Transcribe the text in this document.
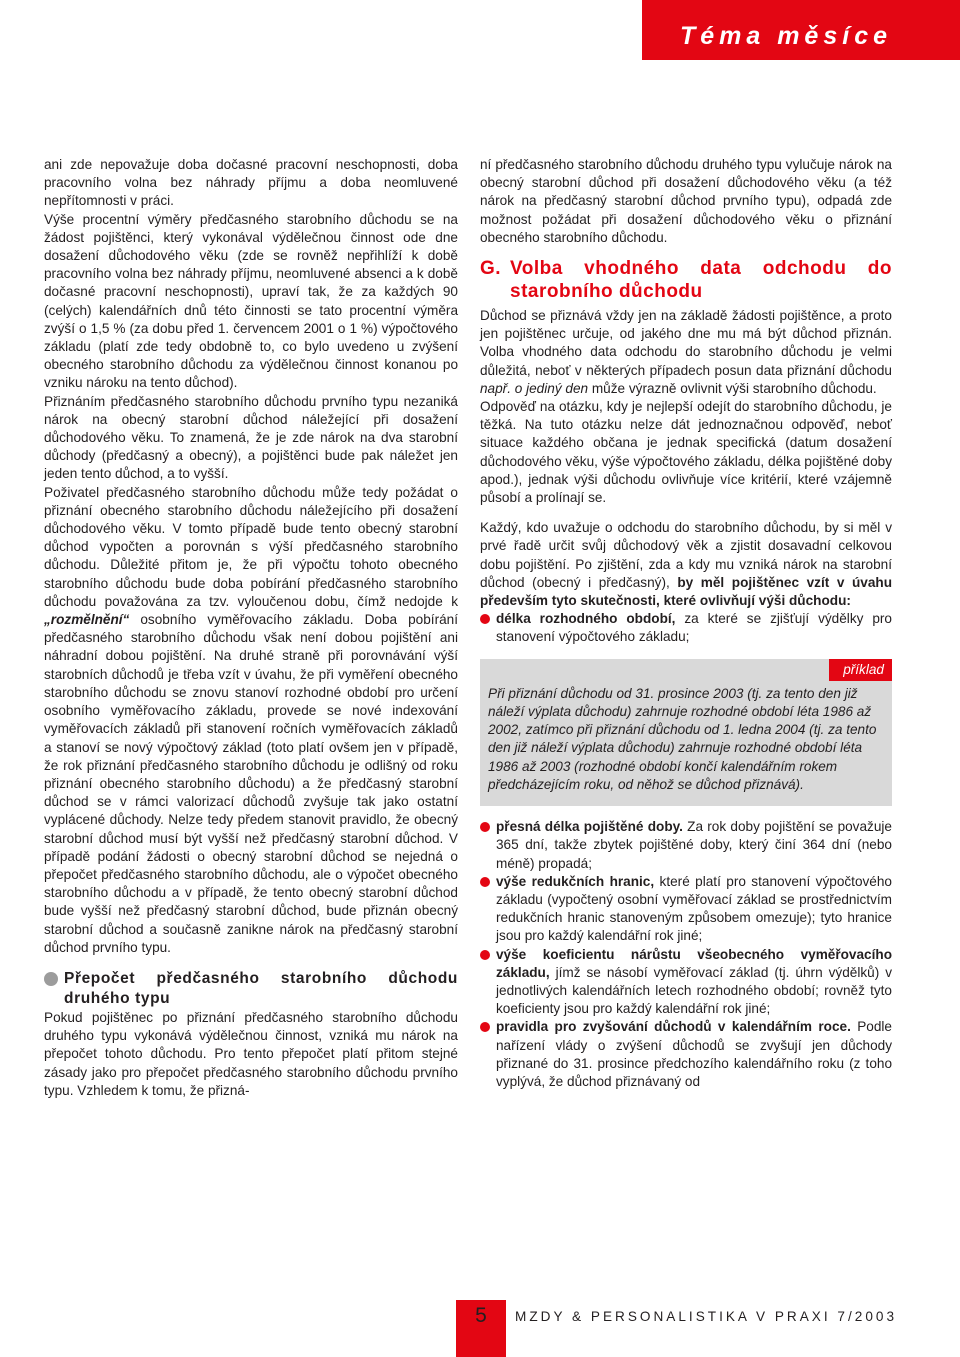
Téma měsíce

ani zde nepovažuje doba dočasné pracovní neschopnosti, doba pracovního volna bez náhrady příjmu a doba neomluvené nepřítomnosti v práci.

Výše procentní výměry předčasného starobního důchodu se na žádost pojištěnci, který vykonával výdělečnou činnost ode dne dosažení důchodového věku (zde se rovněž nepřihlíží k době pracovního volna bez náhrady příjmu, neomluvené absenci a k době dočasné pracovní neschopnosti), upraví tak, že za každých 90 (celých) kalendářních dnů této činnosti se tato procentní výměra zvýší o 1,5 % (za dobu před 1. červencem 2001 o 1 %) výpočtového základu (platí zde tedy obdobně to, co bylo uvedeno u zvýšení obecného starobního důchodu za výdělečnou činnost konanou po vzniku nároku na tento důchod).

Přiznáním předčasného starobního důchodu prvního typu nezaniká nárok na obecný starobní důchod náležející při dosažení důchodového věku. To znamená, že je zde nárok na dva starobní důchody (předčasný a obecný), a pojištěnci bude pak náležet jen jeden tento důchod, a to vyšší.

Poživatel předčasného starobního důchodu může tedy požádat o přiznání obecného starobního důchodu náležejícího při dosažení důchodového věku. V tomto případě bude tento obecný starobní důchod vypočten a porovnán s výší předčasného starobního důchodu. Důležité přitom je, že při výpočtu tohoto obecného starobního důchodu bude doba pobírání předčasného starobního důchodu považována za tzv. vyloučenou dobu, čímž nedojde k „rozmělnění“ osobního vyměřovacího základu. Doba pobírání předčasného starobního důchodu však není dobou pojištění ani náhradní dobou pojištění. Na druhé straně při porovnávání výší starobních důchodů je třeba vzít v úvahu, že při vyměření obecného starobního důchodu se znovu stanoví rozhodné období pro určení osobního vyměřovacího základu, provede se nové indexování vyměřovacích základů při stanovení ročních vyměřovacích základů a stanoví se nový výpočtový základ (toto platí ovšem jen v případě, že rok přiznání předčasného starobního důchodu je odlišný od roku přiznání obecného starobního důchodu) a že předčasný starobní důchod se v rámci valorizací důchodů zvyšuje tak jako ostatní vyplácené důchody. Nelze tedy předem stanovit pravidlo, že obecný starobní důchod musí být vyšší než předčasný starobní důchod. V případě podání žádosti o obecný starobní důchod se nejedná o přepočet předčasného starobního důchodu, ale o výpočet obecného starobního důchodu a v případě, že tento obecný starobní důchod bude vyšší než předčasný starobní důchod, bude přiznán obecný starobní důchod a současně zanikne nárok na předčasný starobní důchod prvního typu.

Přepočet předčasného starobního důchodu druhého typu

Pokud pojištěnec po přiznání předčasného starobního důchodu druhého typu vykonává výdělečnou činnost, vzniká mu nárok na přepočet tohoto důchodu. Pro tento přepočet platí přitom stejné zásady jako pro přepočet předčasného starobního důchodu prvního typu. Vzhledem k tomu, že přizná-

ní předčasného starobního důchodu druhého typu vylučuje nárok na obecný starobní důchod při dosažení důchodového věku (a též nárok na předčasný starobní důchod prvního typu), odpadá zde možnost požádat při dosažení důchodového věku o přiznání obecného starobního důchodu.

G. Volba vhodného data odchodu do starobního důchodu

Důchod se přiznává vždy jen na základě žádosti pojištěnce, a proto jen pojištěnec určuje, od jakého dne mu má být důchod přiznán. Volba vhodného data odchodu do starobního důchodu je velmi důležitá, neboť v některých případech posun data přiznání důchodu např. o jediný den může výrazně ovlivnit výši starobního důchodu.

Odpověď na otázku, kdy je nejlepší odejít do starobního důchodu, je těžká. Na tuto otázku nelze dát jednoznačnou odpověď, neboť situace každého občana je jednak specifická (datum dosažení důchodového věku, výše výpočtového základu, délka pojištěné doby apod.), jednak výši důchodu ovlivňuje více kritérií, které vzájemně působí a prolínají se.

Každý, kdo uvažuje o odchodu do starobního důchodu, by si měl v prvé řadě určit svůj důchodový věk a zjistit dosavadní celkovou dobu pojištění. Po zjištění, zda a kdy mu vzniká nárok na starobní důchod (obecný i předčasný), by měl pojištěnec vzít v úvahu především tyto skutečnosti, které ovlivňují výši důchodu:

délka rozhodného období, za které se zjišťují výdělky pro stanovení výpočtového základu;

příklad

Při přiznání důchodu od 31. prosince 2003 (tj. za tento den již náleží výplata důchodu) zahrnuje rozhodné období léta 1986 až 2002, zatímco při přiznání důchodu od 1. ledna 2004 (tj. za tento den již náleží výplata důchodu) zahrnuje rozhodné období léta 1986 až 2003 (rozhodné období končí kalendářním rokem předcházejícím roku, od něhož se důchod přiznává).

přesná délka pojištěné doby. Za rok doby pojištění se považuje 365 dní, takže zbytek pojištěné doby, který činí 364 dní (nebo méně) propadá;

výše redukčních hranic, které platí pro stanovení výpočtového základu (vypočtený osobní vyměřovací základ se prostřednictvím redukčních hranic stanoveným způsobem omezuje); tyto hranice jsou pro každý kalendářní rok jiné;

výše koeficientu nárůstu všeobecného vyměřovacího základu, jímž se násobí vyměřovací základ (tj. úhrn výdělků) v jednotlivých kalendářních letech rozhodného období; rovněž tyto koeficienty jsou pro každý kalendářní rok jiné;

pravidla pro zvyšování důchodů v kalendářním roce. Podle nařízení vlády o zvýšení důchodů se zvyšují jen důchody přiznané do 31. prosince předchozího kalendářního roku (z toho vyplývá, že důchod přiznávaný od

5	MZDY & PERSONALISTIKA V PRAXI 7/2003
